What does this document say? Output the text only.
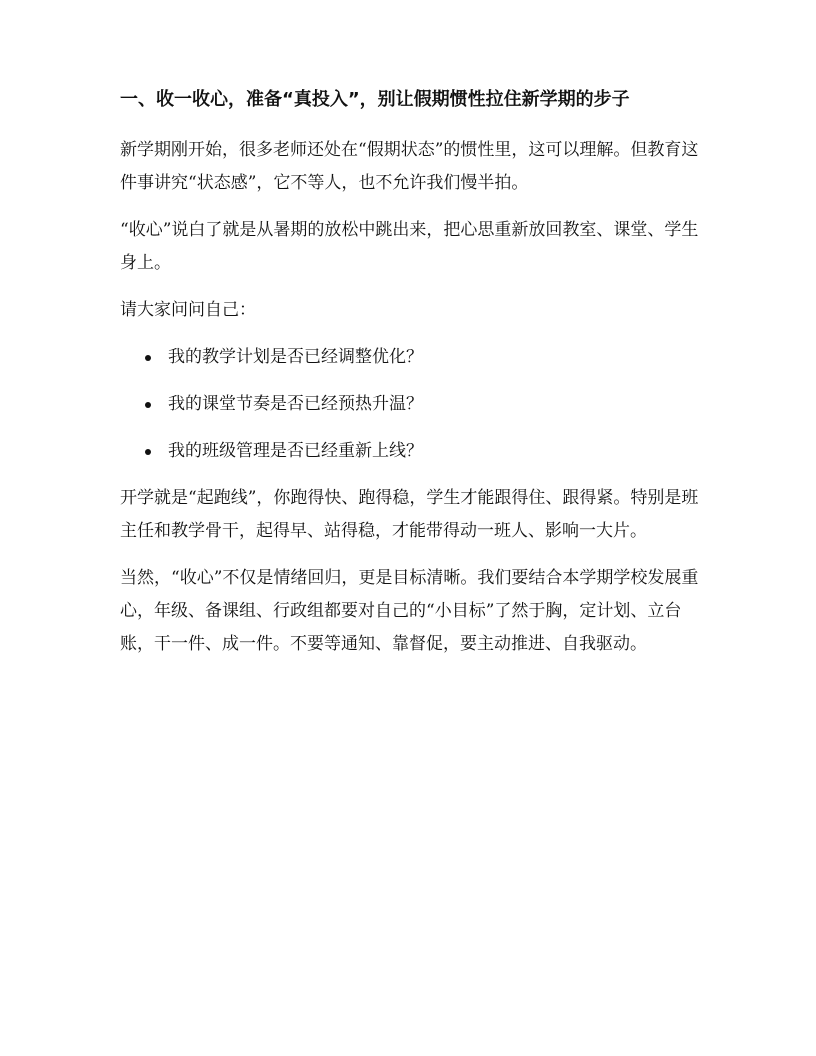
一、收一收心，准备“真投入”，别让假期惯性拉住新学期的步子

新学期刚开始，很多老师还处在“假期状态”的惯性里，这可以理解。但教育这件事讲究“状态感”，它不等人，也不允许我们慢半拍。

“收心”说白了就是从暑期的放松中跳出来，把心思重新放回教室、课堂、学生身上。

请大家问问自己：

我的教学计划是否已经调整优化？
我的课堂节奏是否已经预热升温？
我的班级管理是否已经重新上线？

开学就是“起跑线”，你跑得快、跑得稳，学生才能跟得住、跟得紧。特别是班主任和教学骨干，起得早、站得稳，才能带得动一班人、影响一大片。

当然，“收心”不仅是情绪回归，更是目标清晰。我们要结合本学期学校发展重心，年级、备课组、行政组都要对自己的“小目标”了然于胸，定计划、立台账，干一件、成一件。不要等通知、靠督促，要主动推进、自我驱动。
